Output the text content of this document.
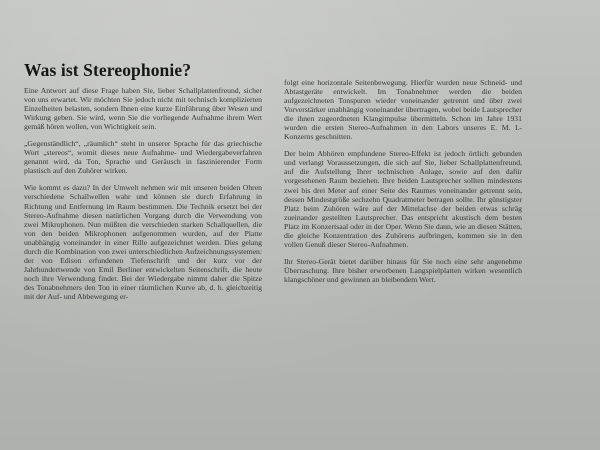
Was ist Stereophonie?

Eine Antwort auf diese Frage haben Sie, lieber Schallplattenfreund, sicher von uns erwartet. Wir möchten Sie jedoch nicht mit technisch komplizierten Einzelheiten belasten, sondern Ihnen eine kurze Einführung über Wesen und Wirkung geben. Sie wird, wenn Sie die vorliegende Aufnahme ihrem Wert gemäß hören wollen, von Wichtigkeit sein.

„Gegenständlich“, „räumlich“ steht in unserer Sprache für das griechische Wort „stereos“, womit dieses neue Aufnahme- und Wiedergabeverfahren genannt wird, da Ton, Sprache und Geräusch in faszinierender Form plastisch auf den Zuhörer wirken.

Wie kommt es dazu? In der Umwelt nehmen wir mit unseren beiden Ohren verschiedene Schallwellen wahr und können sie durch Erfahrung in Richtung und Entfernung im Raum bestimmen. Die Technik ersetzt bei der Stereo-Aufnahme diesen natürlichen Vorgang durch die Verwendung von zwei Mikrophonen. Nun müßten die verschieden starken Schallquellen, die von den beiden Mikrophonen aufgenommen wurden, auf der Platte unabhängig voneinander in einer Rille aufgezeichnet werden. Dies gelang durch die Kombination von zwei unterschiedlichen Aufzeichnungssystemen: der von Edison erfundenen Tiefenschrift und der kurz vor der Jahrhundertwende von Emil Berliner entwickelten Seitenschrift, die heute noch ihre Verwendung findet. Bei der Wiedergabe nimmt daher die Spitze des Tonabnehmers den Ton in einer räumlichen Kurve ab, d. h. gleichzeitig mit der Auf- und Abbewegung er-

folgt eine horizontale Seitenbewegung. Hierfür wurden neue Schneid- und Abtastgeräte entwickelt. Im Tonabnehmer werden die beiden aufgezeichneten Tonspuren wieder voneinander getrennt und über zwei Vorverstärker unabhängig voneinander übertragen, wobei beide Lautsprecher die ihnen zugeordneten Klangimpulse übermitteln. Schon im Jahre 1931 wurden die ersten Stereo-Aufnahmen in den Labors unseres E. M. I.-Konzerns geschnitten.

Der beim Abhören empfundene Stereo-Effekt ist jedoch örtlich gebunden und verlangt Voraussetzungen, die sich auf Sie, lieber Schallplattenfreund, auf die Aufstellung Ihrer technischen Anlage, sowie auf den dafür vorgesehenen Raum beziehen. Ihre beiden Lautsprecher sollten mindestens zwei bis drei Meter auf einer Seite des Raumes voneinander getrennt sein, dessen Mindestgröße sechzehn Quadratmeter betragen sollte. Ihr günstigster Platz beim Zuhören wäre auf der Mittelachse der beiden etwas schräg zueinander gestellten Lautsprecher. Das entspricht akustisch dem besten Platz im Konzertsaal oder in der Oper. Wenn Sie dann, wie an diesen Stätten, die gleiche Konzentration des Zuhörens aufbringen, kommen sie in den vollen Genuß dieser Stereo-Aufnahmen.

Ihr Stereo-Gerät bietet darüber hinaus für Sie noch eine sehr angenehme Überraschung. Ihre bisher erworbenen Langspielplatten wirken wesentlich klangschöner und gewinnen an bleibendem Wert.
